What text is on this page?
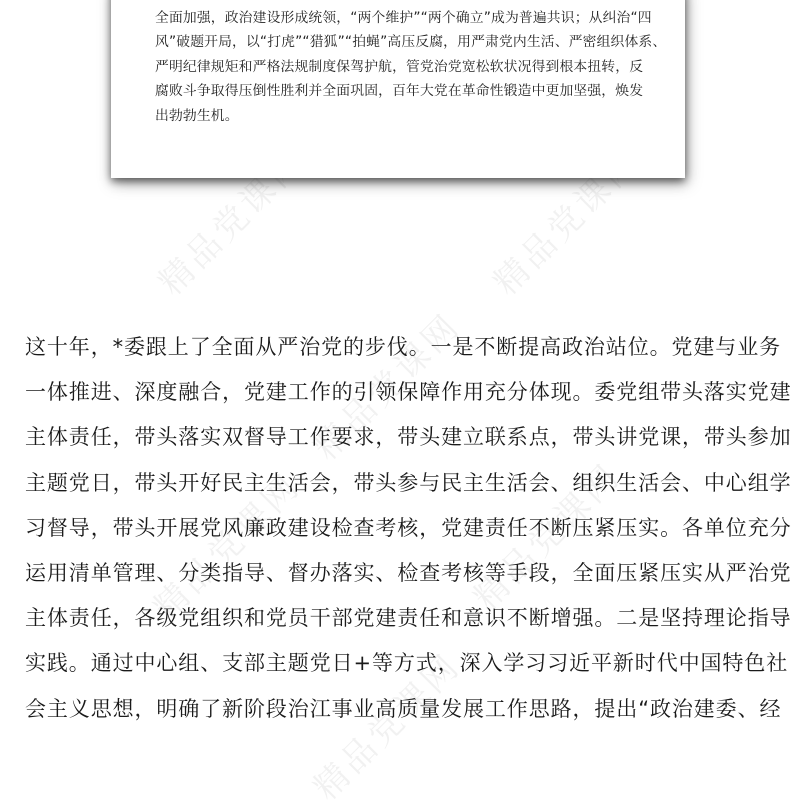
精品党课网	精品党课网
精品党课网
精品党课网	精品党课网
精品党课网
全面加强，政治建设形成统领，“两个维护”“两个确立”成为普遍共识；从纠治“四
风”破题开局，以“打虎”“猎狐”“拍蝇”高压反腐，用严肃党内生活、严密组织体系、
严明纪律规矩和严格法规制度保驾护航，管党治党宽松软状况得到根本扭转，反
腐败斗争取得压倒性胜利并全面巩固，百年大党在革命性锻造中更加坚强，焕发
出勃勃生机。
这十年，*委跟上了全面从严治党的步伐。一是不断提高政治站位。党建与业务
一体推进、深度融合，党建工作的引领保障作用充分体现。委党组带头落实党建
主体责任，带头落实双督导工作要求，带头建立联系点，带头讲党课，带头参加
主题党日，带头开好民主生活会，带头参与民主生活会、组织生活会、中心组学
习督导，带头开展党风廉政建设检查考核，党建责任不断压紧压实。各单位充分
运用清单管理、分类指导、督办落实、检查考核等手段，全面压紧压实从严治党
主体责任，各级党组织和党员干部党建责任和意识不断增强。二是坚持理论指导
实践。通过中心组、支部主题党日+等方式，深入学习习近平新时代中国特色社
会主义思想，明确了新阶段治江事业高质量发展工作思路，提出“政治建委、经
